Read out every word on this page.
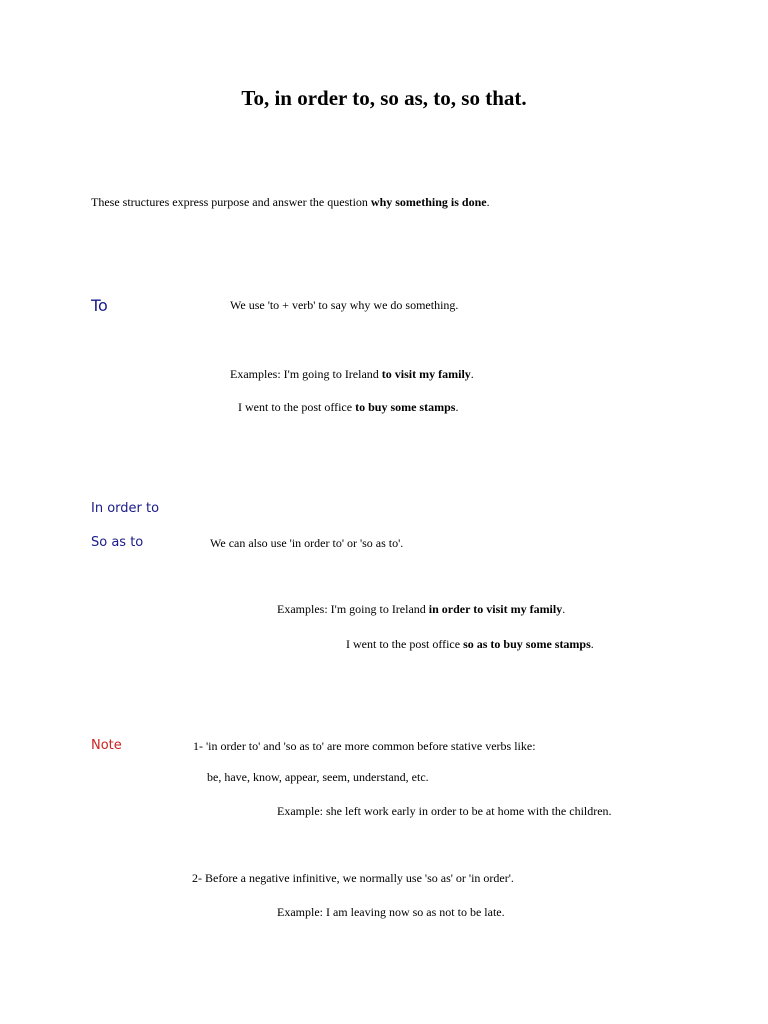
To, in order to, so as, to, so that.
These structures express purpose and answer the question why something is done.
To	We use 'to + verb' to say why we do something.
Examples: I'm going to Ireland to visit my family.
I went to the post office to buy some stamps.
In order to
So as to	We can also use 'in order to' or 'so as to'.
Examples: I'm going to Ireland in order to visit my family.
I went to the post office so as to buy some stamps.
Note	1- 'in order to' and 'so as to' are more common before stative verbs like:
be, have, know, appear, seem, understand, etc.
Example: she left work early in order to be at home with the children.
2- Before a negative infinitive, we normally use 'so as' or 'in order'.
Example: I am leaving now so as not to be late.
